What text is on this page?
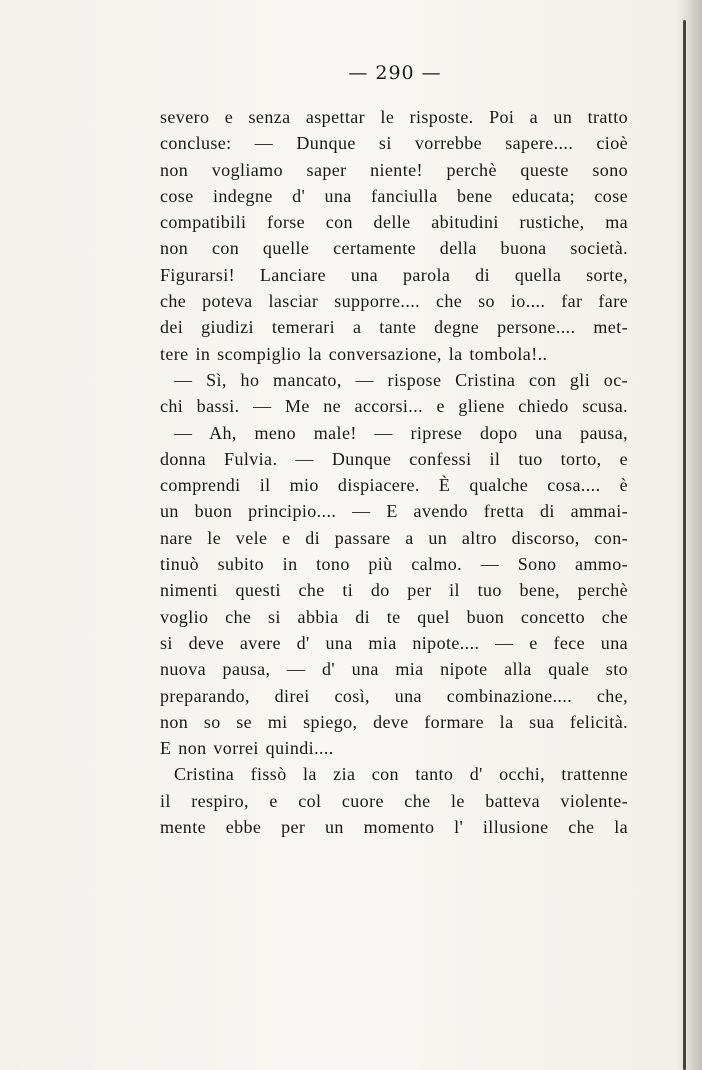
— 290 —
severo e senza aspettar le risposte. Poi a un tratto
concluse: — Dunque si vorrebbe sapere.... cioè
non vogliamo saper niente! perchè queste sono
cose indegne d' una fanciulla bene educata; cose
compatibili forse con delle abitudini rustiche, ma
non con quelle certamente della buona società.
Figurarsi! Lanciare una parola di quella sorte,
che poteva lasciar supporre.... che so io.... far fare
dei giudizi temerari a tante degne persone.... met-
tere in scompiglio la conversazione, la tombola!..
— Sì, ho mancato, — rispose Cristina con gli oc-
chi bassi. — Me ne accorsi... e gliene chiedo scusa.
— Ah, meno male! — riprese dopo una pausa,
donna Fulvia. — Dunque confessi il tuo torto, e
comprendi il mio dispiacere. È qualche cosa.... è
un buon principio.... — E avendo fretta di ammai-
nare le vele e di passare a un altro discorso, con-
tinuò subito in tono più calmo. — Sono ammo-
nimenti questi che ti do per il tuo bene, perchè
voglio che si abbia di te quel buon concetto che
si deve avere d' una mia nipote.... — e fece una
nuova pausa, — d' una mia nipote alla quale sto
preparando, direi così, una combinazione.... che,
non so se mi spiego, deve formare la sua felicità.
E non vorrei quindi....
Cristina fissò la zia con tanto d' occhi, trattenne
il respiro, e col cuore che le batteva violente-
mente ebbe per un momento l' illusione che la
